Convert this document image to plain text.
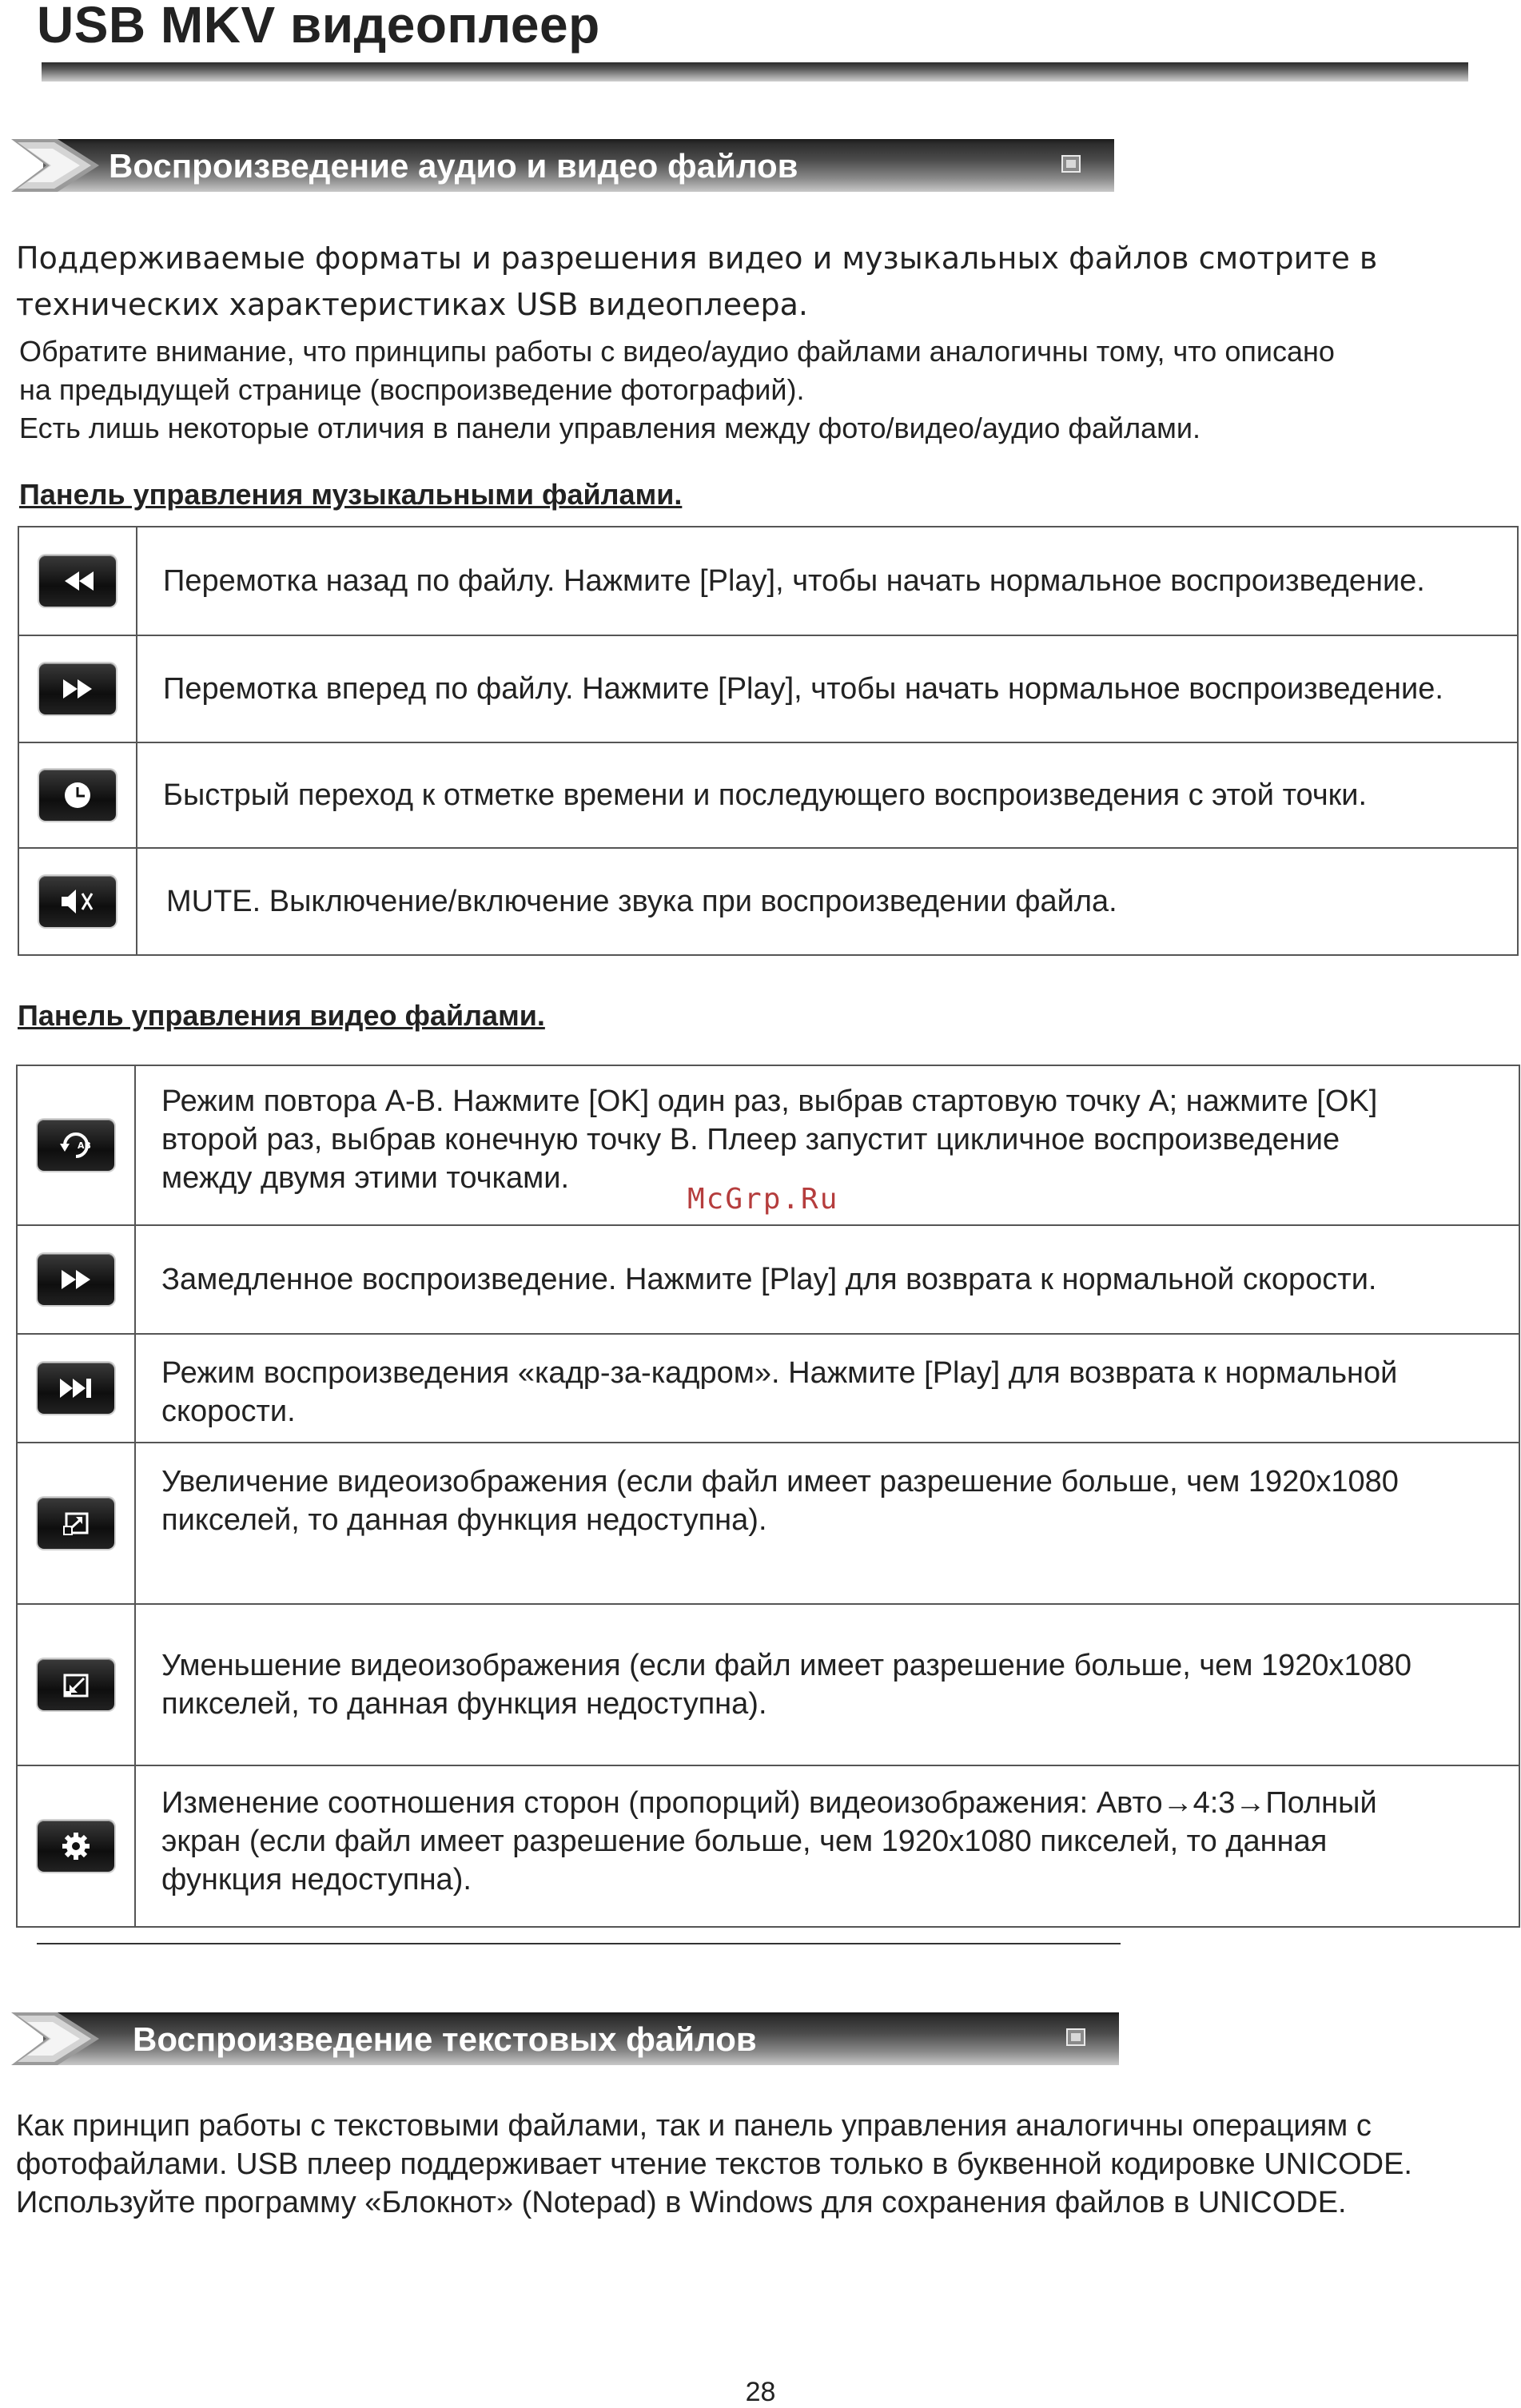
USB MKV видеоплеер
Воспроизведение аудио и видео файлов
Поддерживаемые форматы и разрешения видео и музыкальных файлов смотрите в
технических характеристиках USB видеоплеера.
Обратите внимание, что принципы работы с видео/аудио файлами аналогичны тому, что описано
на предыдущей странице (воспроизведение фотографий).
Есть лишь некоторые отличия в панели управления между фото/видео/аудио файлами.
Панель управления музыкальными файлами.
	Перемотка назад по файлу. Нажмите [Play], чтобы начать нормальное воспроизведение.

	Перемотка вперед по файлу. Нажмите [Play], чтобы начать нормальное воспроизведение.

	Быстрый переход к отметке времени и последующего воспроизведения с этой точки.

	MUTE. Выключение/включение звука при воспроизведении файла.
Панель управления видео файлами.
AB	Режим повтора А-В. Нажмите [OK] один раз, выбрав стартовую точку А; нажмите [OK]
второй раз, выбрав конечную точку В. Плеер запустит цикличное воспроизведение
между двумя этими точками.

Замедленное воспроизведение. Нажмите [Play] для возврата к нормальной скорости.

Режим воспроизведения «кадр-за-кадром». Нажмите [Play] для возврата к нормальной
скорости.

Увеличение видеоизображения (если файл имеет разрешение больше, чем 1920х1080
пикселей, то данная функция недоступна).

Уменьшение видеоизображения (если файл имеет разрешение больше, чем 1920х1080
пикселей, то данная функция недоступна).

Изменение соотношения сторон (пропорций) видеоизображения: Авто→4:3→Полный
экран (если файл имеет разрешение больше, чем 1920х1080 пикселей, то данная
функция недоступна).
McGrp.Ru
Воспроизведение текстовых файлов
Как принцип работы с текстовыми файлами, так и панель управления аналогичны операциям с
фотофайлами. USB плеер поддерживает чтение текстов только в буквенной кодировке UNICODE.
Используйте программу «Блокнот» (Notepad) в Windows для сохранения файлов в UNICODE.
28
